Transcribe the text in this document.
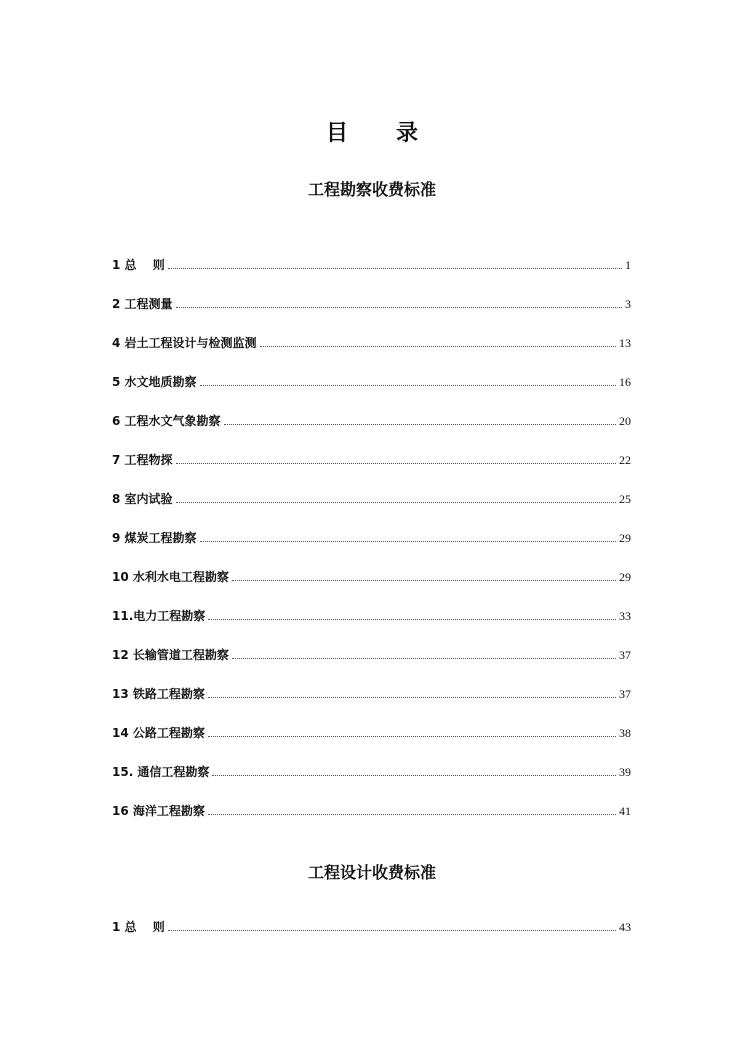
目 录
工程勘察收费标准
1 总　 则	1
2 工程测量	3
4 岩土工程设计与检测监测	13
5 水文地质勘察	16
6 工程水文气象勘察	20
7 工程物探	22
8 室内试验	25
9 煤炭工程勘察	29
10 水利水电工程勘察	29
11.电力工程勘察	33
12 长输管道工程勘察	37
13 铁路工程勘察	37
14 公路工程勘察	38
15. 通信工程勘察	39
16 海洋工程勘察	41
工程设计收费标准
1 总　 则	43
